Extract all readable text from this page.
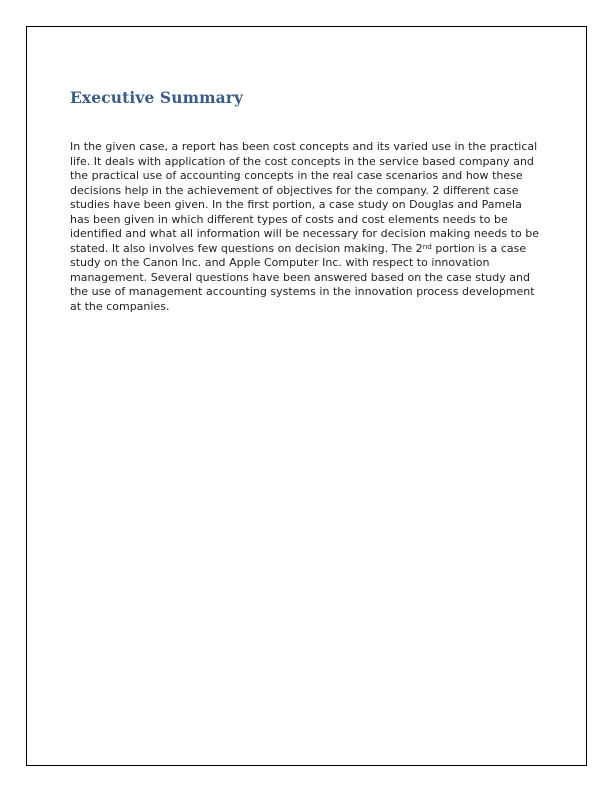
Executive Summary

In the given case, a report has been cost concepts and its varied use in the practical life. It deals with application of the cost concepts in the service based company and the practical use of accounting concepts in the real case scenarios and how these decisions help in the achievement of objectives for the company. 2 different case studies have been given. In the first portion, a case study on Douglas and Pamela has been given in which different types of costs and cost elements needs to be identified and what all information will be necessary for decision making needs to be stated. It also involves few questions on decision making. The 2nd portion is a case study on the Canon Inc. and Apple Computer Inc. with respect to innovation management. Several questions have been answered based on the case study and the use of management accounting systems in the innovation process development at the companies.
